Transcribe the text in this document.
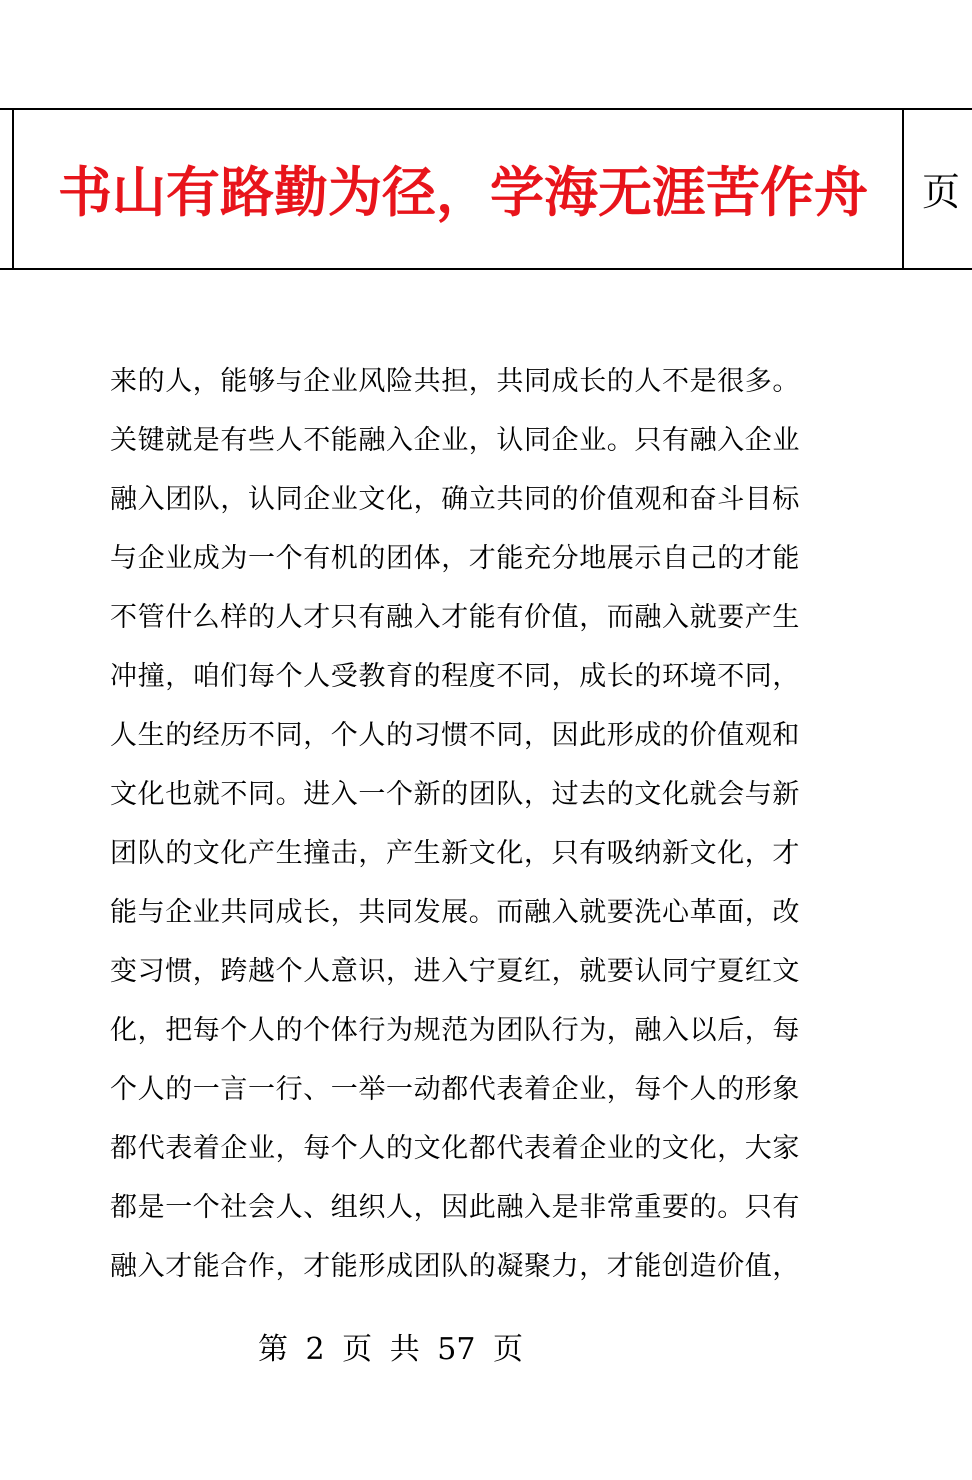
书山有路勤为径，学海无涯苦作舟 页
来的人，能够与企业风险共担，共同成长的人不是很多。
关键就是有些人不能融入企业，认同企业。只有融入企业
融入团队，认同企业文化，确立共同的价值观和奋斗目标
与企业成为一个有机的团体，才能充分地展示自己的才能
不管什么样的人才只有融入才能有价值，而融入就要产生
冲撞，咱们每个人受教育的程度不同，成长的环境不同，
人生的经历不同，个人的习惯不同，因此形成的价值观和
文化也就不同。进入一个新的团队，过去的文化就会与新
团队的文化产生撞击，产生新文化，只有吸纳新文化，才
能与企业共同成长，共同发展。而融入就要洗心革面，改
变习惯，跨越个人意识，进入宁夏红，就要认同宁夏红文
化，把每个人的个体行为规范为团队行为，融入以后，每
个人的一言一行、一举一动都代表着企业，每个人的形象
都代表着企业，每个人的文化都代表着企业的文化，大家
都是一个社会人、组织人，因此融入是非常重要的。只有
融入才能合作，才能形成团队的凝聚力，才能创造价值，
第 2 页 共 57 页
